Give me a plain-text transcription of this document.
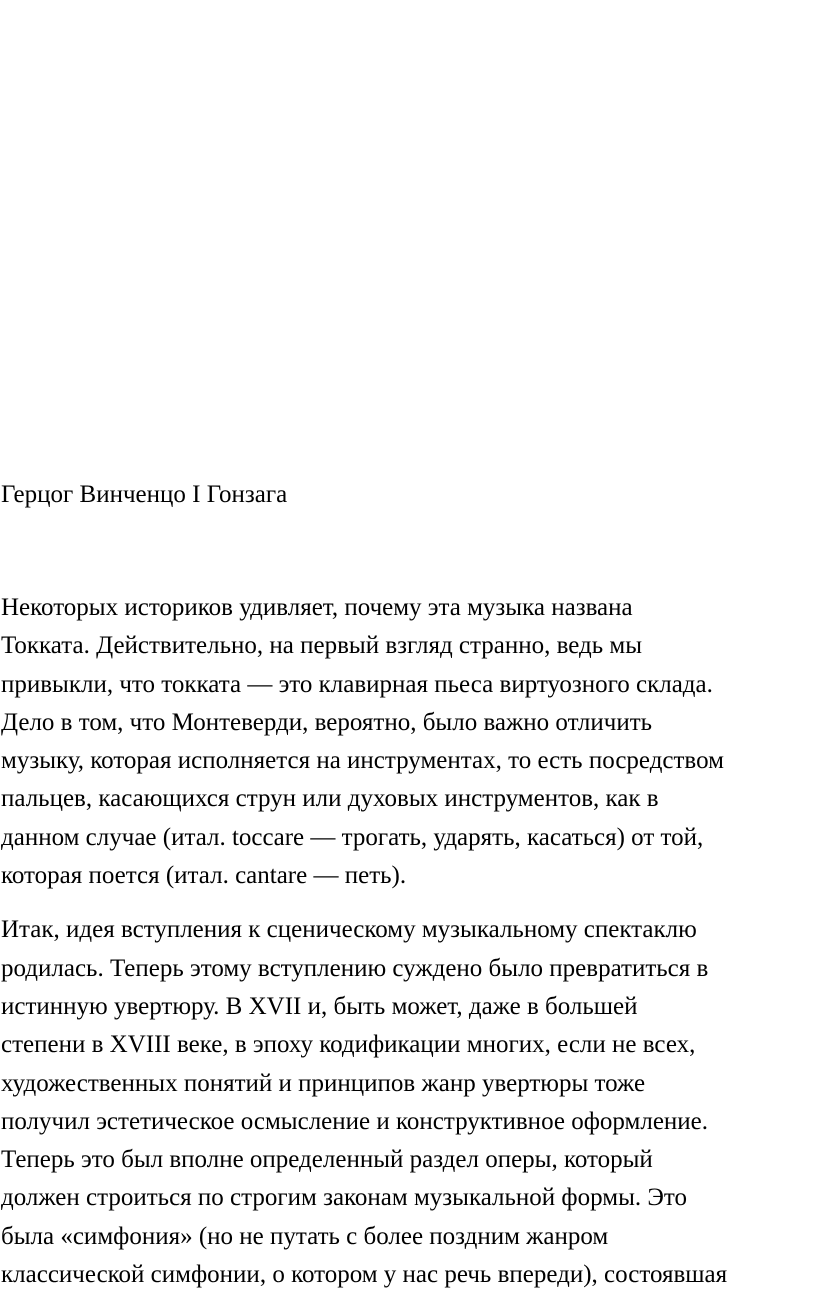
Герцог Винченцо I Гонзага

Некоторых историков удивляет, почему эта музыка названа
Токката. Действительно, на первый взгляд странно, ведь мы
привыкли, что токката — это клавирная пьеса виртуозного склада.
Дело в том, что Монтеверди, вероятно, было важно отличить
музыку, которая исполняется на инструментах, то есть посредством
пальцев, касающихся струн или духовых инструментов, как в
данном случае (итал. toccare — трогать, ударять, касаться) от той,
которая поется (итал. cantare — петь).

Итак, идея вступления к сценическому музыкальному спектаклю
родилась. Теперь этому вступлению суждено было превратиться в
истинную увертюру. В XVII и, быть может, даже в большей
степени в XVIII веке, в эпоху кодификации многих, если не всех,
художественных понятий и принципов жанр увертюры тоже
получил эстетическое осмысление и конструктивное оформление.
Теперь это был вполне определенный раздел оперы, который
должен строиться по строгим законам музыкальной формы. Это
была «симфония» (но не путать с более поздним жанром
классической симфонии, о котором у нас речь впереди), состоявшая
